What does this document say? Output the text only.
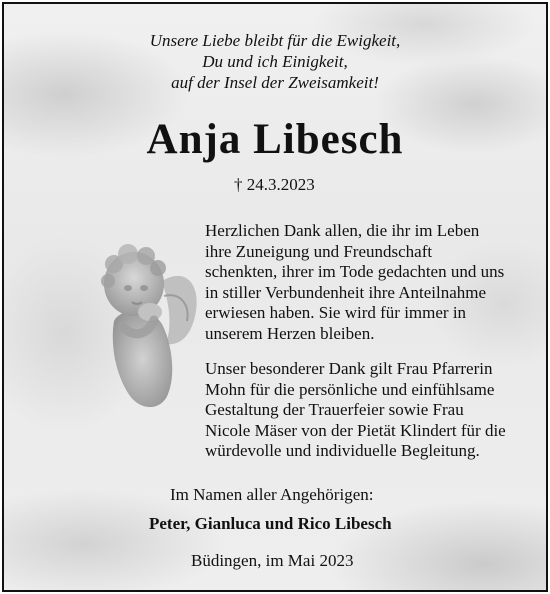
Unsere Liebe bleibt für die Ewigkeit,
Du und ich Einigkeit,
auf der Insel der Zweisamkeit!
Anja Libesch
† 24.3.2023
Herzlichen Dank allen, die ihr im Leben
ihre Zuneigung und Freundschaft
schenkten, ihrer im Tode gedachten und uns
in stiller Verbundenheit ihre Anteilnahme
erwiesen haben. Sie wird für immer in
unserem Herzen bleiben.
Unser besonderer Dank gilt Frau Pfarrerin
Mohn für die persönliche und einfühlsame
Gestaltung der Trauerfeier sowie Frau
Nicole Mäser von der Pietät Klindert für die
würdevolle und individuelle Begleitung.
Im Namen aller Angehörigen:
Peter, Gianluca und Rico Libesch
Büdingen, im Mai 2023
